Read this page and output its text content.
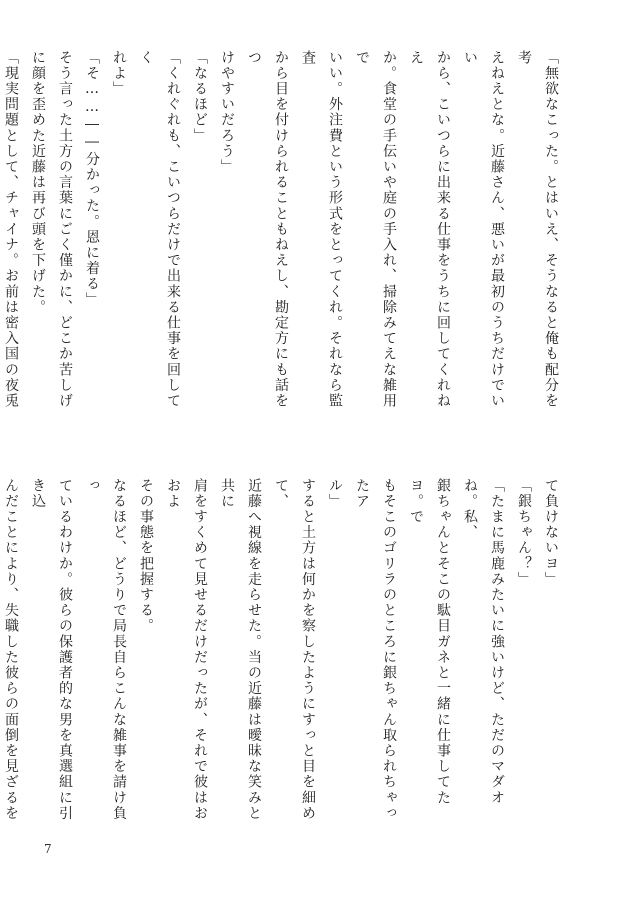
「無欲なこった。とはいえ、そうなると俺も配分を考
えねえとな。近藤さん、悪いが最初のうちだけでいい
から、こいつらに出来る仕事をうちに回してくれねえ
か。食堂の手伝いや庭の手入れ、掃除みてえな雑用で
いい。外注費という形式をとってくれ。それなら監査
から目を付けられることもねえし、勘定方にも話をつ
けやすいだろう」
「なるほど」
「くれぐれも、こいつらだけで出来る仕事を回してく
れよ」
「そ……――分かった。恩に着る」
そう言った土方の言葉にごく僅かに、どこか苦しげ
に顔を歪めた近藤は再び頭を下げた。
「現実問題として、チャイナ。お前は密入国の夜兎
て負けないヨ」
「銀ちゃん？」
「たまに馬鹿みたいに強いけど、ただのマダオね。私、
銀ちゃんとそこの駄目ガネと一緒に仕事してたヨ。で
もそこのゴリラのところに銀ちゃん取られちゃったア
ル」
すると土方は何かを察したようにすっと目を細めて、
近藤へ視線を走らせた。当の近藤は曖昧な笑みと共に
肩をすくめて見せるだけだったが、それで彼はおおよ
その事態を把握する。
なるほど、どうりで局長自らこんな雑事を請け負っ
ているわけか。彼らの保護者的な男を真選組に引き込
んだことにより、失職した彼らの面倒を見ざるを
7
